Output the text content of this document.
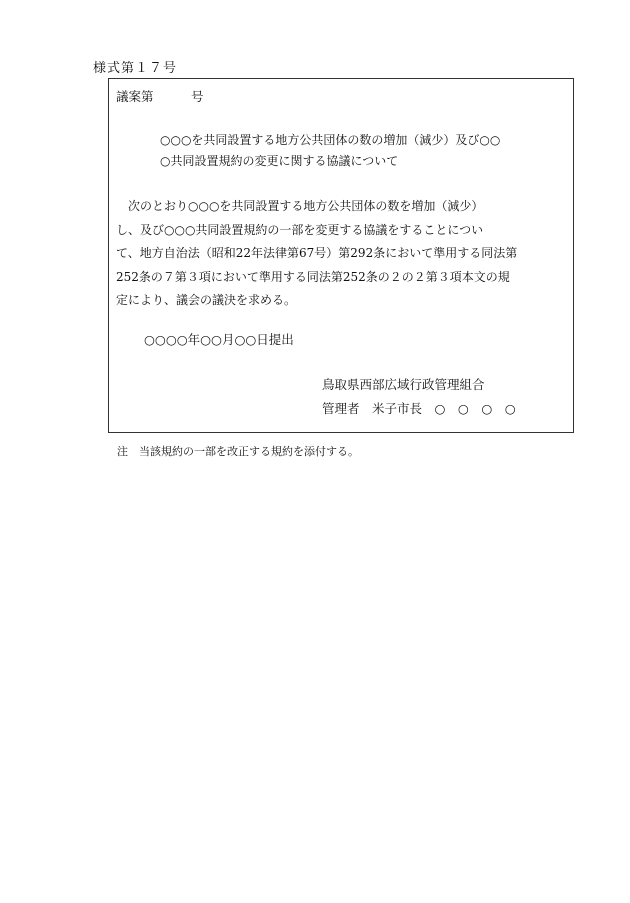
様式第１７号
議案第　　　号
○○○を共同設置する地方公共団体の数の増加（減少）及び○○
○共同設置規約の変更に関する協議について
　次のとおり○○○を共同設置する地方公共団体の数を増加（減少）
し、及び○○○共同設置規約の一部を変更する協議をすることについ
て、地方自治法（昭和22年法律第67号）第292条において準用する同法第
252条の７第３項において準用する同法第252条の２の２第３項本文の規
定により、議会の議決を求める。
○○○○年○○月○○日提出
鳥取県西部広域行政管理組合
管理者　米子市長　○　○　○　○
注　当該規約の一部を改正する規約を添付する。
